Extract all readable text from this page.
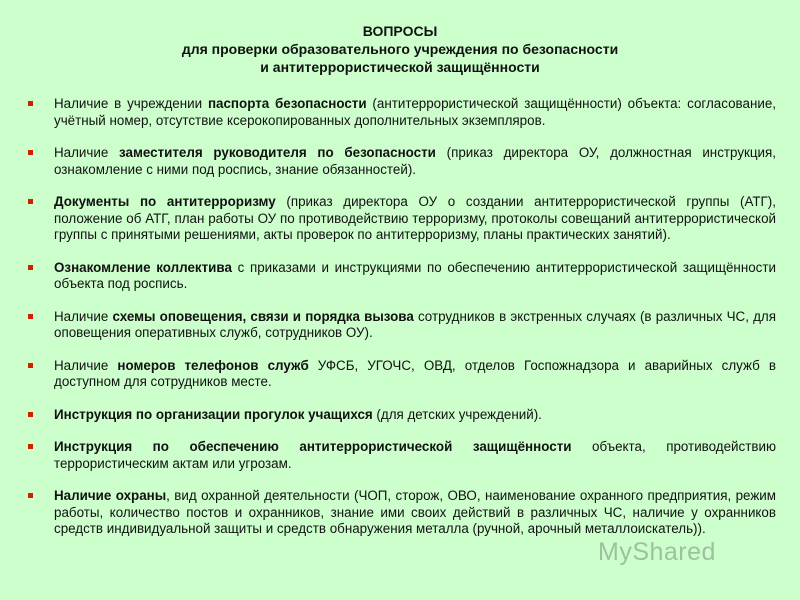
ВОПРОСЫ
для проверки образовательного учреждения по безопасности
и антитеррористической защищённости
Наличие в учреждении паспорта безопасности (антитеррористической защищённости) объекта: согласование, учётный номер, отсутствие ксерокопированных дополнительных экземпляров.
Наличие заместителя руководителя по безопасности (приказ директора ОУ, должностная инструкция, ознакомление с ними под роспись, знание обязанностей).
Документы по антитерроризму (приказ директора ОУ о создании антитеррористической группы (АТГ), положение об АТГ, план работы ОУ по противодействию терроризму, протоколы совещаний антитеррористической группы с принятыми решениями, акты проверок по антитерроризму, планы практических занятий).
Ознакомление коллектива с приказами и инструкциями по обеспечению антитеррористической защищённости объекта под роспись.
Наличие схемы оповещения, связи и порядка вызова сотрудников в экстренных случаях (в различных ЧС, для оповещения оперативных служб, сотрудников ОУ).
Наличие номеров телефонов служб УФСБ, УГОЧС, ОВД, отделов Госпожнадзора и аварийных служб в доступном для сотрудников месте.
Инструкция по организации прогулок учащихся (для детских учреждений).
Инструкция по обеспечению антитеррористической защищённости объекта, противодействию террористическим актам или угрозам.
Наличие охраны, вид охранной деятельности (ЧОП, сторож, ОВО, наименование охранного предприятия, режим работы, количество постов и охранников, знание ими своих действий в различных ЧС, наличие у охранников средств индивидуальной защиты и средств обнаружения металла (ручной, арочный металлоискатель)).
MyShared
